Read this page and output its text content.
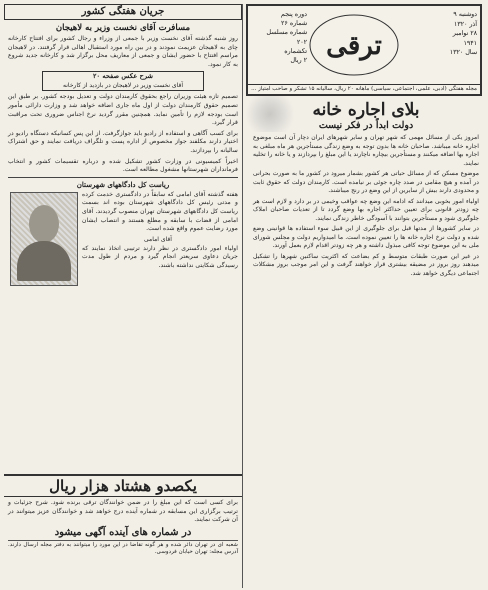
دوشنبه ۹
آذر ۱۳۲۰
۲۸ نوامبر
۱۹۴۱
سال ۱۳۲۰
ترقی
دوره پنجم
شماره ۲۶
شماره مسلسل
۲۰۲
تکشماره
۲ ریال
مجله هفتگی (ادبی، علمی، اجتماعی، سیاسی) ماهانه ۲۰ ریال، سالیانه ۱۵ تشکر و صاحب امتیاز ...
جریان هفتگی کشور
مسافرت آقای نخست وزیر به لاهیجان
روز شنبه گذشته آقای نخست وزیر با جمعی از وزراء و رجال کشور برای افتتاح کارخانه چای به لاهیجان عزیمت نمودند و در بین راه مورد استقبال اهالی قرار گرفتند. در لاهیجان مراسم افتتاح با حضور ایشان و جمعی از معاریف محل برگزار شد و کارخانه جدید شروع به کار نمود.
شرح عکس صفحه ۲۰
آقای نخست وزیر در لاهیجان در بازدید از کارخانه
تصمیم تازه هیئت وزیران راجع بحقوق کارمندان دولت و تعدیل بودجه کشور. بر طبق این تصمیم حقوق کارمندان دولت از اول ماه جاری اضافه خواهد شد و وزارت دارائی مأمور است بودجه لازم را تأمین نماید. همچنین مقرر گردید نرخ اجناس ضروری تحت مراقبت قرار گیرد.
برای کسب آگاهی و استفاده از رادیو باید جوازگرفت. از این پس کسانیکه دستگاه رادیو در اختیار دارند مکلفند جواز مخصوص از اداره پست و تلگراف دریافت نمایند و حق اشتراک سالیانه را بپردازند.
اخیراً کمیسیونی در وزارت کشور تشکیل شده و درباره تقسیمات کشور و انتخاب فرمانداران شهرستانها مشغول مطالعه است.
ریاست کل دادگاههای شهرستان
هفته گذشته آقای امامی که سابقاً در دادگستری خدمت کرده و مدتی رئیس کل دادگاههای شهرستان بوده اند بسمت ریاست کل دادگاههای شهرستان تهران منصوب گردیدند. آقای امامی از قضات با سابقه و مطلع هستند و انتصاب ایشان مورد رضایت عموم واقع شده است.
آقای امامی
اولیاء امور دادگستری در نظر دارند ترتیبی اتخاذ نمایند که جریان دعاوی سریعتر انجام گیرد و مردم از طول مدت رسیدگی شکایتی نداشته باشند.
بلای اجاره خانه
دولت ابداً در فکر نیست
امروز یکی از مسائل مهمی که شهر تهران و سایر شهرهای ایران دچار آن است موضوع اجاره خانه میباشد. صاحبان خانه ها بدون توجه به وضع زندگی مستأجرین هر ماه مبلغی به اجاره بها اضافه میکنند و مستأجرین بیچاره ناچارند یا این مبلغ را بپردازند و یا خانه را تخلیه نمایند.
موضوع مسکن که از مسائل حیاتی هر کشور بشمار میرود در کشور ما به صورت بحرانی در آمده و هیچ مقامی در صدد چاره جوئی بر نیامده است. کارمندان دولت که حقوق ثابت و محدودی دارند بیش از سایرین از این وضع در رنج میباشند.
اولیاء امور بخوبی میدانند که ادامه این وضع چه عواقب وخیمی در بر دارد و لازم است هر چه زودتر قانونی برای تعیین حداکثر اجاره بها وضع گردد تا از تعدیات صاحبان املاک جلوگیری شود و مستأجرین بتوانند با آسودگی خاطر زندگی نمایند.
در سایر کشورها از مدتها قبل برای جلوگیری از این قبیل سوء استفاده ها قوانینی وضع شده و دولت نرخ اجاره خانه ها را تعیین نموده است. ما امیدواریم دولت و مجلس شورای ملی به این موضوع توجه کافی مبذول داشته و هر چه زودتر اقدام لازم بعمل آورند.
در غیر این صورت طبقات متوسط و کم بضاعت که اکثریت ساکنین شهرها را تشکیل میدهند روز بروز در مضیقه بیشتری قرار خواهند گرفت و این امر موجب بروز مشکلات اجتماعی دیگری خواهد شد.
یکصدو هشتاد هزار ریال
برای کسی است که این مبلغ را در ضمن خوانندگان ترقی برنده شود. شرح جزئیات و ترتیب برگزاری این مسابقه در شماره آینده درج خواهد شد و خوانندگان عزیز میتوانند در آن شرکت نمایند.
در شماره های آینده آگهی میشود
شعبه ای در تهران دائر شده و هر گونه تقاضا در این مورد را میتوانند به دفتر مجله ارسال دارند. آدرس مجله: تهران خیابان فردوسی.
